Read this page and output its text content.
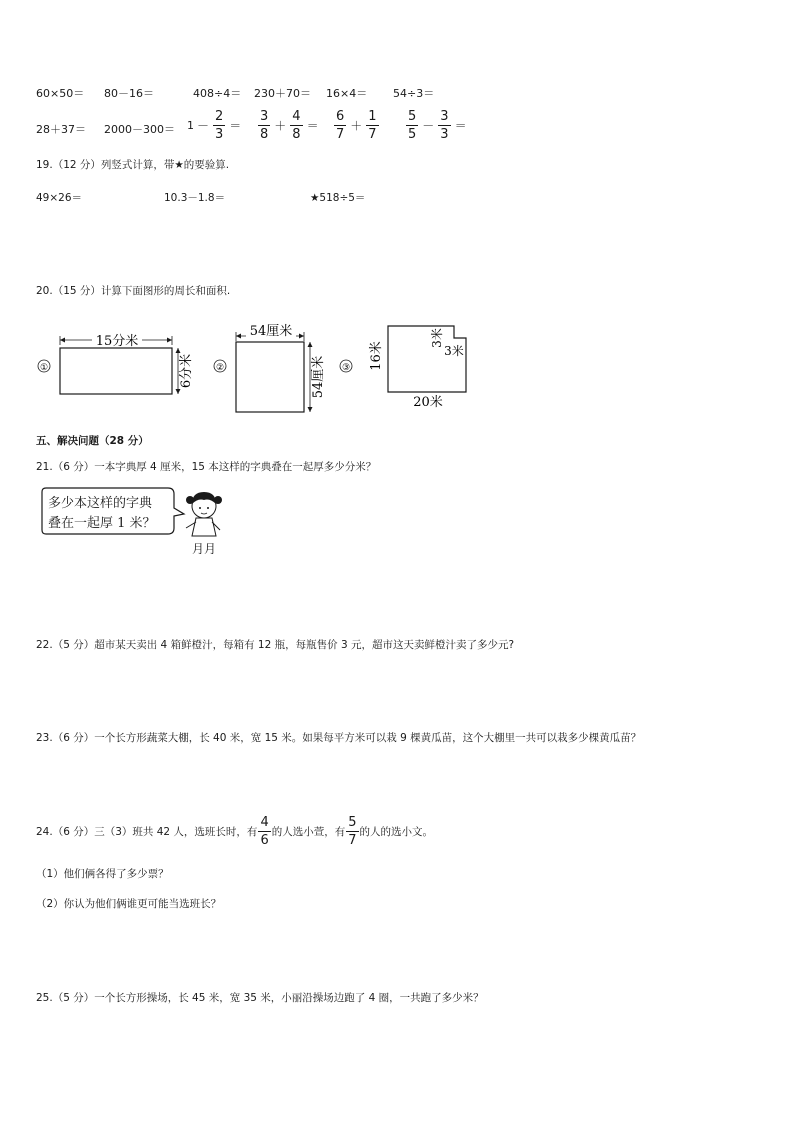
60×50＝ 80－16＝	408÷4＝ 230＋70＝ 16×4＝ 54÷3＝
$28+37= 2000-300= 1 - \frac{2}{3} = \frac{3}{8} + \frac{4}{8} = \frac{6}{7} + \frac{1}{7} \frac{5}{5} - \frac{3}{3}$ ＝
19.（12 分）列竖式计算，带★的要验算.
49×26＝	10.3－1.8＝	★518÷5＝
20.（15 分）计算下面图形的周长和面积.
①
15分米
6分米 ②
54厘米
54厘米 ③ 16米
20米
3米
3米
五、解决问题（28 分）
21.（6 分）一本字典厚 4 厘米，15 本这样的字典叠在一起厚多少分米？
多少本这样的字典
叠在一起厚 1 米？
月月
22.（5 分）超市某天卖出 4 箱鲜橙汁，每箱有 12 瓶，每瓶售价 3 元，超市这天卖鲜橙汁卖了多少元?
23.（6 分）一个长方形蔬菜大棚，长 40 米，宽 15 米。如果每平方米可以栽 9 棵黄瓜苗，这个大棚里一共可以栽多少棵黄瓜苗？
24.（6 分）三（3）班共 42 人，选班长时，有 $\frac{4}{6}$ 的人选小萱，有 $\frac{5}{7}$ 的人的选小文。
（1）他们俩各得了多少票？
（2）你认为他们俩谁更可能当选班长？
25.（5 分）一个长方形操场，长 45 米，宽 35 米，小丽沿操场边跑了 4 圈，一共跑了多少米？
